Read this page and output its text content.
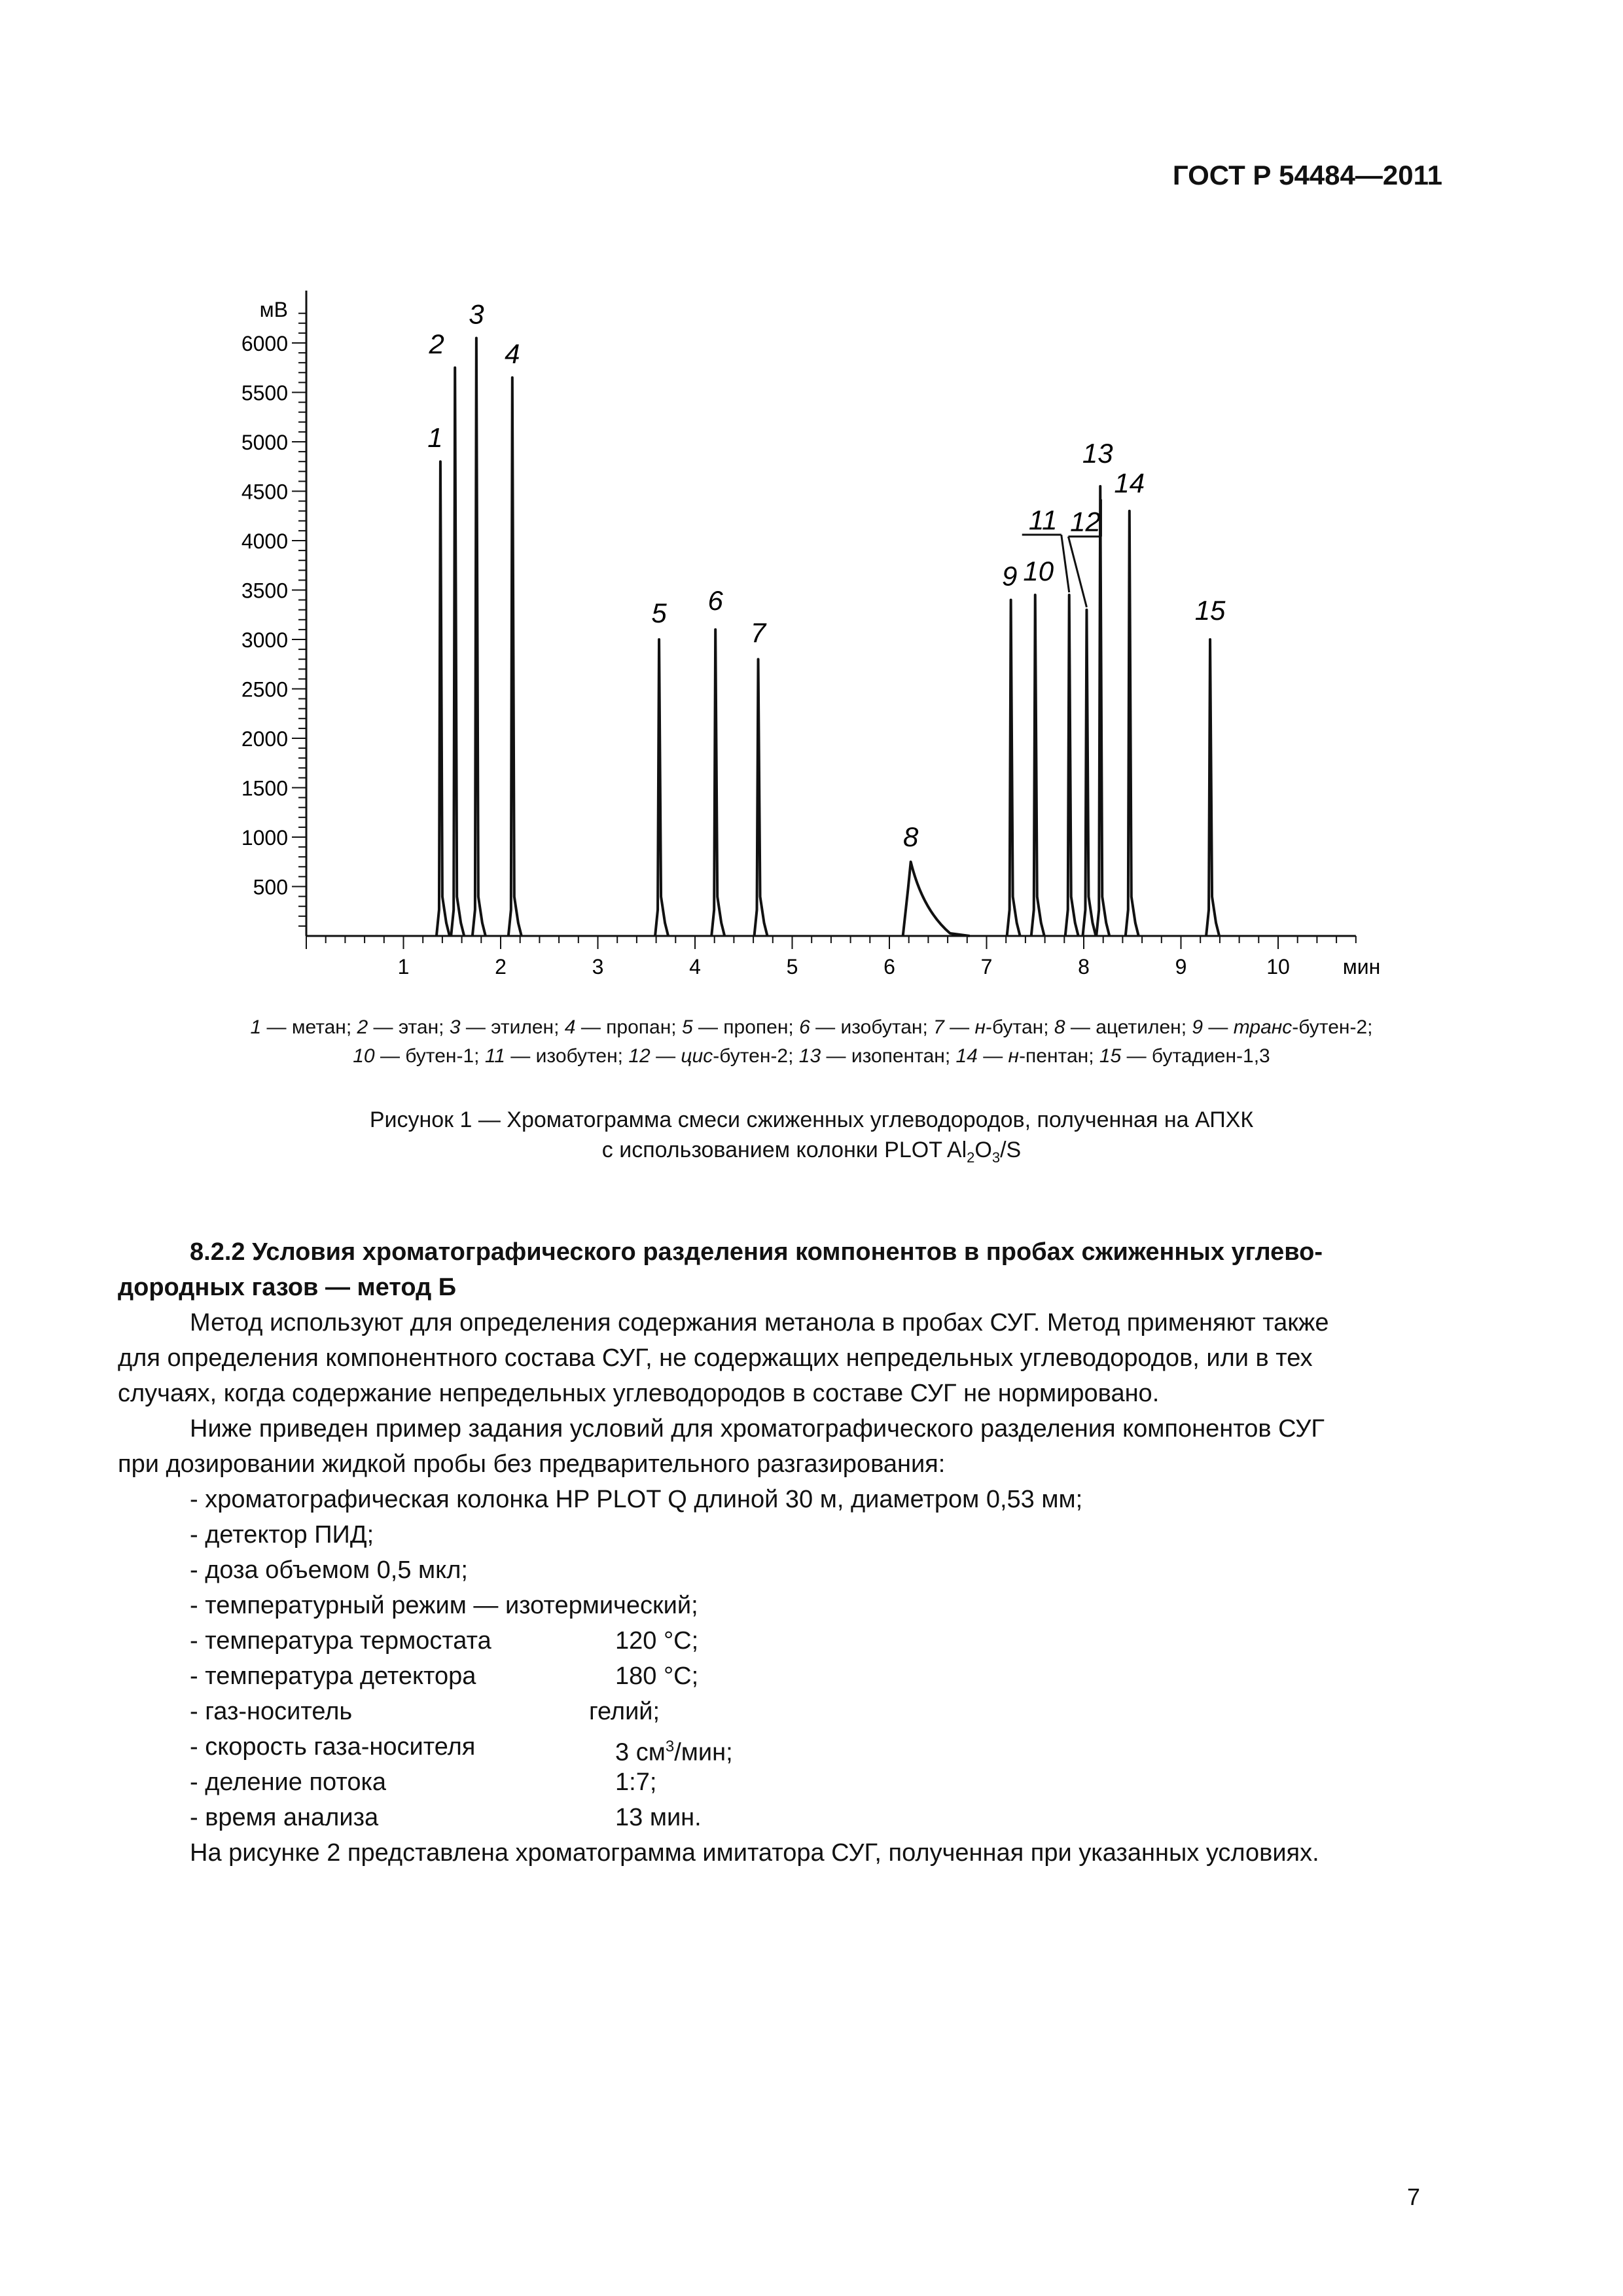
ГОСТ Р 54484—2011
500
1000
1500
2000
2500
3000
3500
4000
4500
5000
5500
6000
мВ
1	2	3	4	5	6	7	8	9	10	мин
1
2
3
4
5 6
7
8
9 10
11 12
13
14
15
1 — метан; 2 — этан; 3 — этилен; 4 — пропан; 5 — пропен; 6 — изобутан; 7 — н-бутан; 8 — ацетилен; 9 — транс-бутен-2;
10 — бутен-1; 11 — изобутен; 12 — цис-бутен-2; 13 — изопентан; 14 — н-пентан; 15 — бутадиен-1,3
Рисунок 1 — Хроматограмма смеси сжиженных углеводородов, полученная на АПХК
с использованием колонки PLOT $Al_2O_3/S$

8.2.2 Условия хроматографического разделения компонентов в пробах сжиженных углево-

дородных газов — метод Б

Метод используют для определения содержания метанола в пробах СУГ. Метод применяют также

для определения компонентного состава СУГ, не содержащих непредельных углеводородов, или в тех

случаях, когда содержание непредельных углеводородов в составе СУГ не нормировано.

Ниже приведен пример задания условий для хроматографического разделения компонентов СУГ

при дозировании жидкой пробы без предварительного разгазирования:

- хроматографическая колонка HP PLOT Q длиной 30 м, диаметром 0,53 мм;

- детектор ПИД;

- доза объемом 0,5 мкл;

- температурный режим — изотермический;

- температура термостата	120 °С;
- температура детектора	180 °С;
- газ-носитель	гелий;
- скорость газа-носителя	3 $см^3$/мин;
- деление потока	1:7;
- время анализа	13 мин.

На рисунке 2 представлена хроматограмма имитатора СУГ, полученная при указанных условиях.

7
